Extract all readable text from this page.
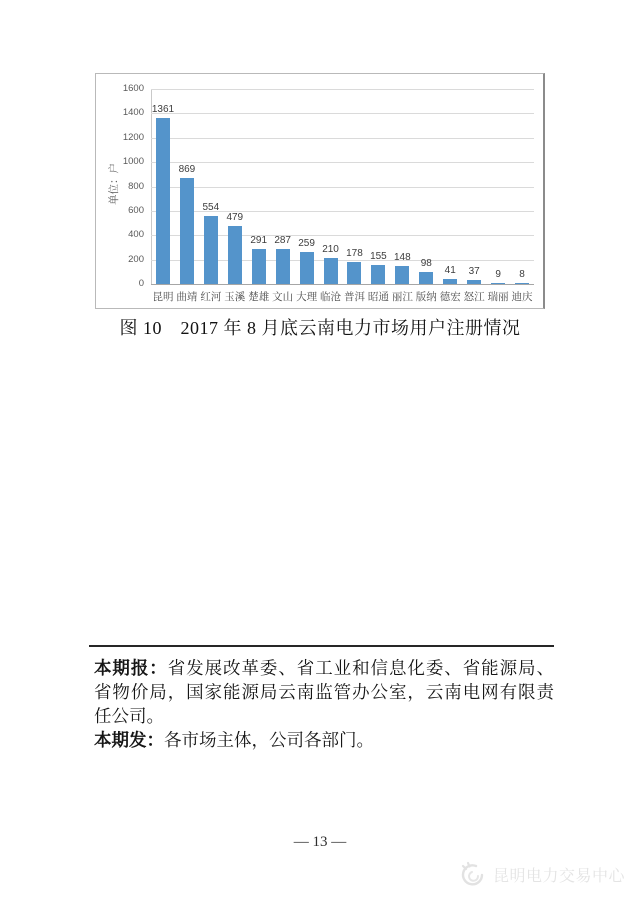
单位：户
0
200
400
600
800
1000
1200
1400
1600
1361
869
554
479
291 287 259
210 178 155 148
98
41 37 9 8
昆明 曲靖 红河 玉溪 楚雄 文山 大理 临沧 普洱 昭通 丽江 版纳 德宏 怒江 瑞丽 迪庆
图 10　2017 年 8 月底云南电力市场用户注册情况
本期报：省发展改革委、省工业和信息化委、省能源局、
省物价局，国家能源局云南监管办公室，云南电网有限责
任公司。
本期发：各市场主体，公司各部门。
— 13 —
昆明电力交易中心
